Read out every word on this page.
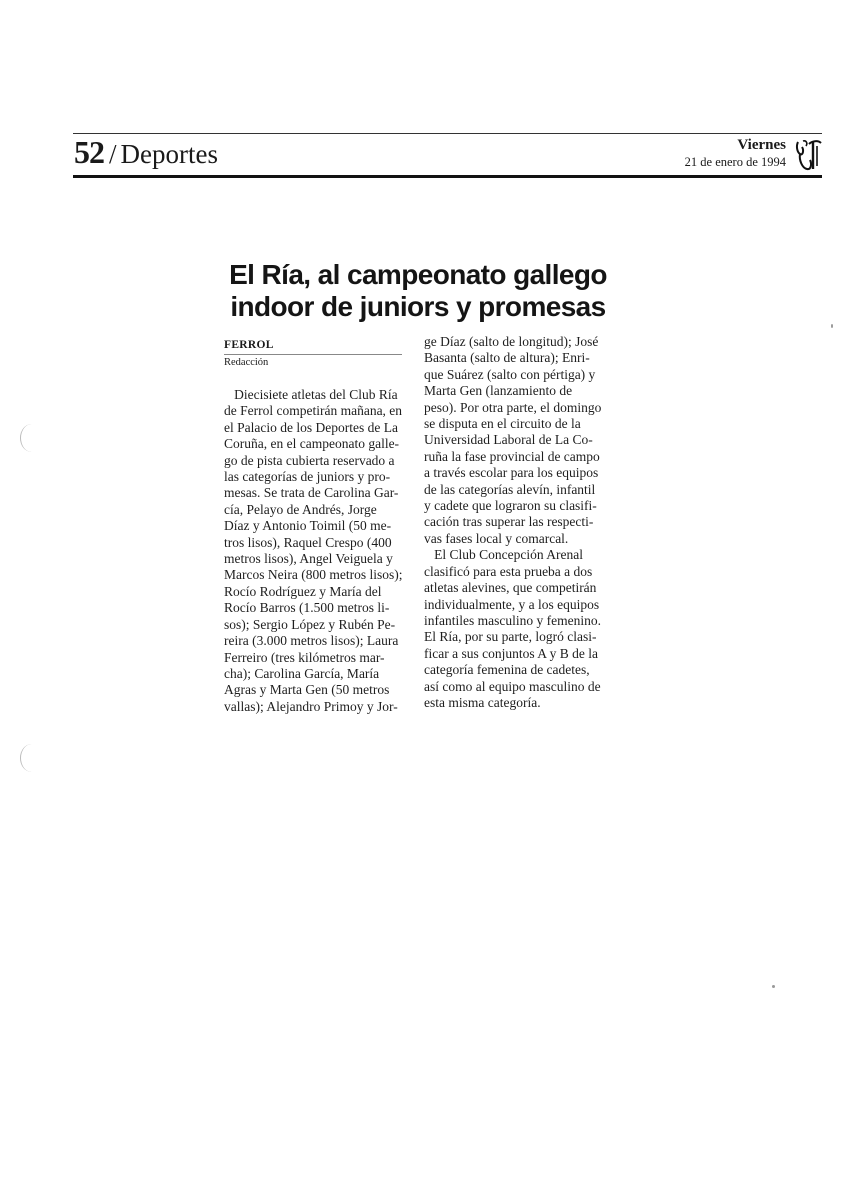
52 / Deportes	Viernes
21 de enero de 1994
El Ría, al campeonato gallego
indoor de juniors y promesas
FERROL
Redacción

Diecisiete atletas del Club Ría
de Ferrol competirán mañana, en
el Palacio de los Deportes de La
Coruña, en el campeonato galle-
go de pista cubierta reservado a
las categorías de juniors y pro-
mesas. Se trata de Carolina Gar-
cía, Pelayo de Andrés, Jorge
Díaz y Antonio Toimil (50 me-
tros lisos), Raquel Crespo (400
metros lisos), Angel Veiguela y
Marcos Neira (800 metros lisos);
Rocío Rodríguez y María del
Rocío Barros (1.500 metros li-
sos); Sergio López y Rubén Pe-
reira (3.000 metros lisos); Laura
Ferreiro (tres kilómetros mar-
cha); Carolina García, María
Agras y Marta Gen (50 metros
vallas); Alejandro Primoy y Jor-

ge Díaz (salto de longitud); José
Basanta (salto de altura); Enri-
que Suárez (salto con pértiga) y
Marta Gen (lanzamiento de
peso). Por otra parte, el domingo
se disputa en el circuito de la
Universidad Laboral de La Co-
ruña la fase provincial de campo
a través escolar para los equipos
de las categorías alevín, infantil
y cadete que lograron su clasifi-
cación tras superar las respecti-
vas fases local y comarcal.
El Club Concepción Arenal
clasificó para esta prueba a dos
atletas alevines, que competirán
individualmente, y a los equipos
infantiles masculino y femenino.
El Ría, por su parte, logró clasi-
ficar a sus conjuntos A y B de la
categoría femenina de cadetes,
así como al equipo masculino de
esta misma categoría.
